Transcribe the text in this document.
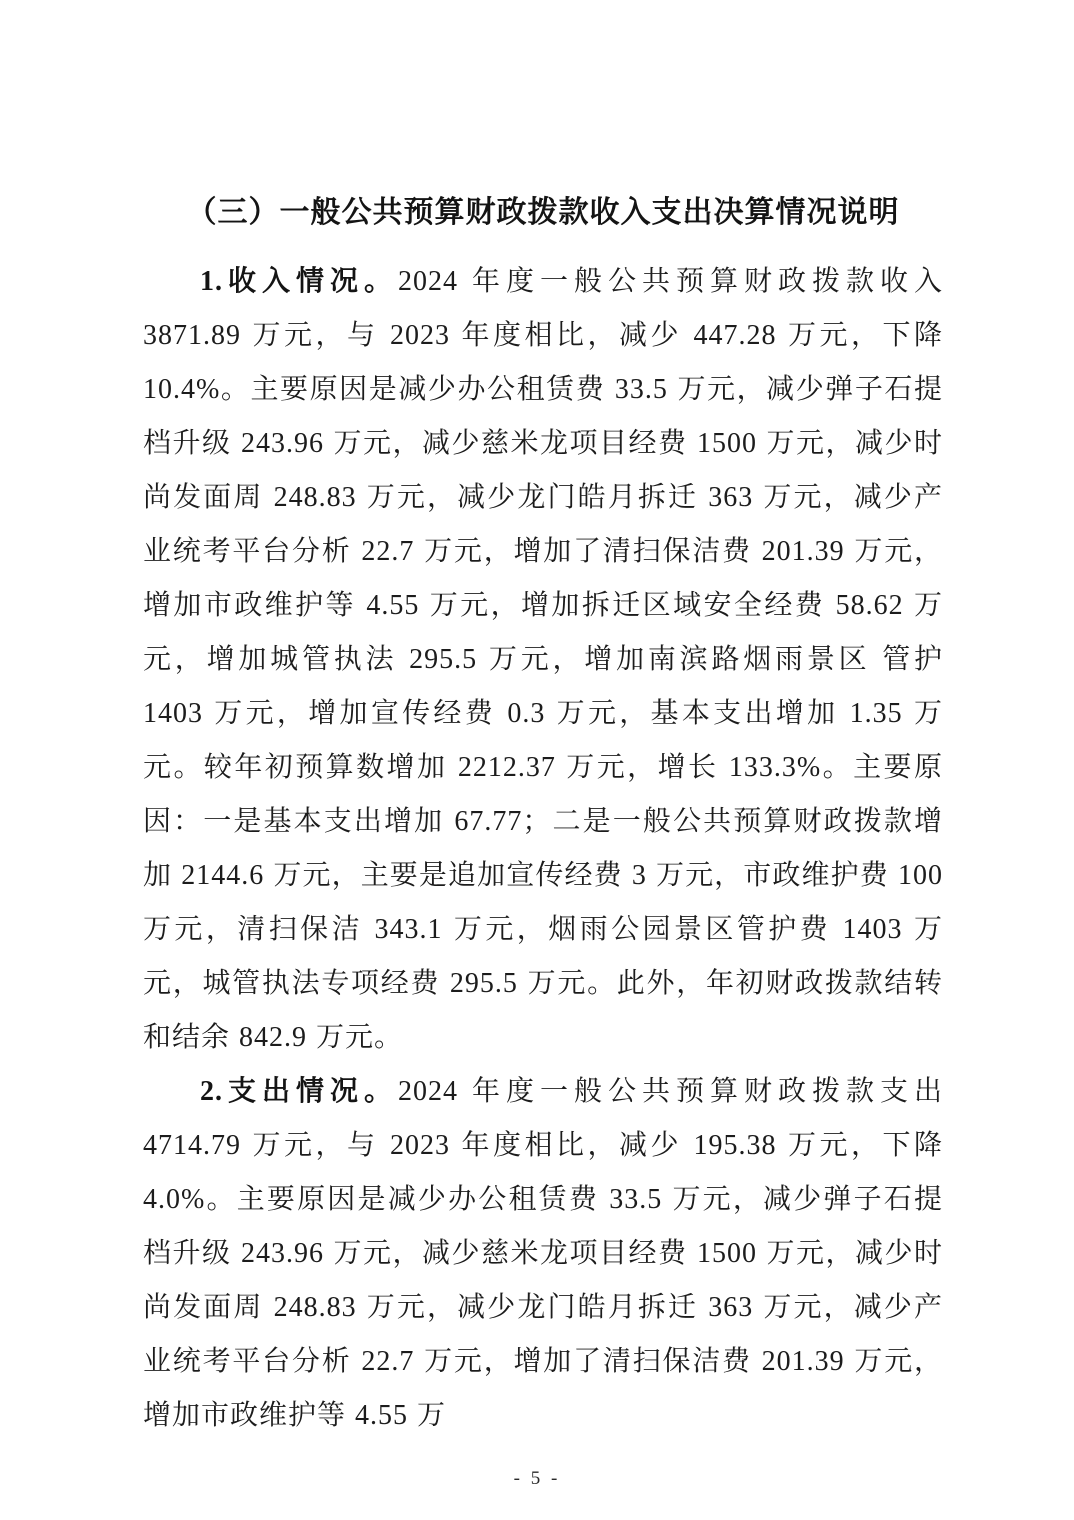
（三）一般公共预算财政拨款收入支出决算情况说明

1.收入情况。2024 年度一般公共预算财政拨款收入 3871.89 万元，与 2023 年度相比，减少 447.28 万元，下降 10.4%。主要原因是减少办公租赁费 33.5 万元，减少弹子石提档升级 243.96 万元，减少慈米龙项目经费 1500 万元，减少时尚发面周 248.83 万元，减少龙门皓月拆迁 363 万元，减少产业统考平台分析 22.7 万元，增加了清扫保洁费 201.39 万元，增加市政维护等 4.55 万元，增加拆迁区域安全经费 58.62 万元，增加城管执法 295.5 万元，增加南滨路烟雨景区 管护 1403 万元，增加宣传经费 0.3 万元，基本支出增加 1.35 万元。较年初预算数增加 2212.37 万元，增长 133.3%。主要原因：一是基本支出增加 67.77；二是一般公共预算财政拨款增加 2144.6 万元，主要是追加宣传经费 3 万元，市政维护费 100 万元，清扫保洁 343.1 万元，烟雨公园景区管护费 1403 万元，城管执法专项经费 295.5 万元。此外，年初财政拨款结转和结余 842.9 万元。

2.支出情况。2024 年度一般公共预算财政拨款支出 4714.79 万元，与 2023 年度相比，减少 195.38 万元，下降 4.0%。主要原因是减少办公租赁费 33.5 万元，减少弹子石提档升级 243.96 万元，减少慈米龙项目经费 1500 万元，减少时尚发面周 248.83 万元，减少龙门皓月拆迁 363 万元，减少产业统考平台分析 22.7 万元，增加了清扫保洁费 201.39 万元，增加市政维护等 4.55 万

- 5 -
